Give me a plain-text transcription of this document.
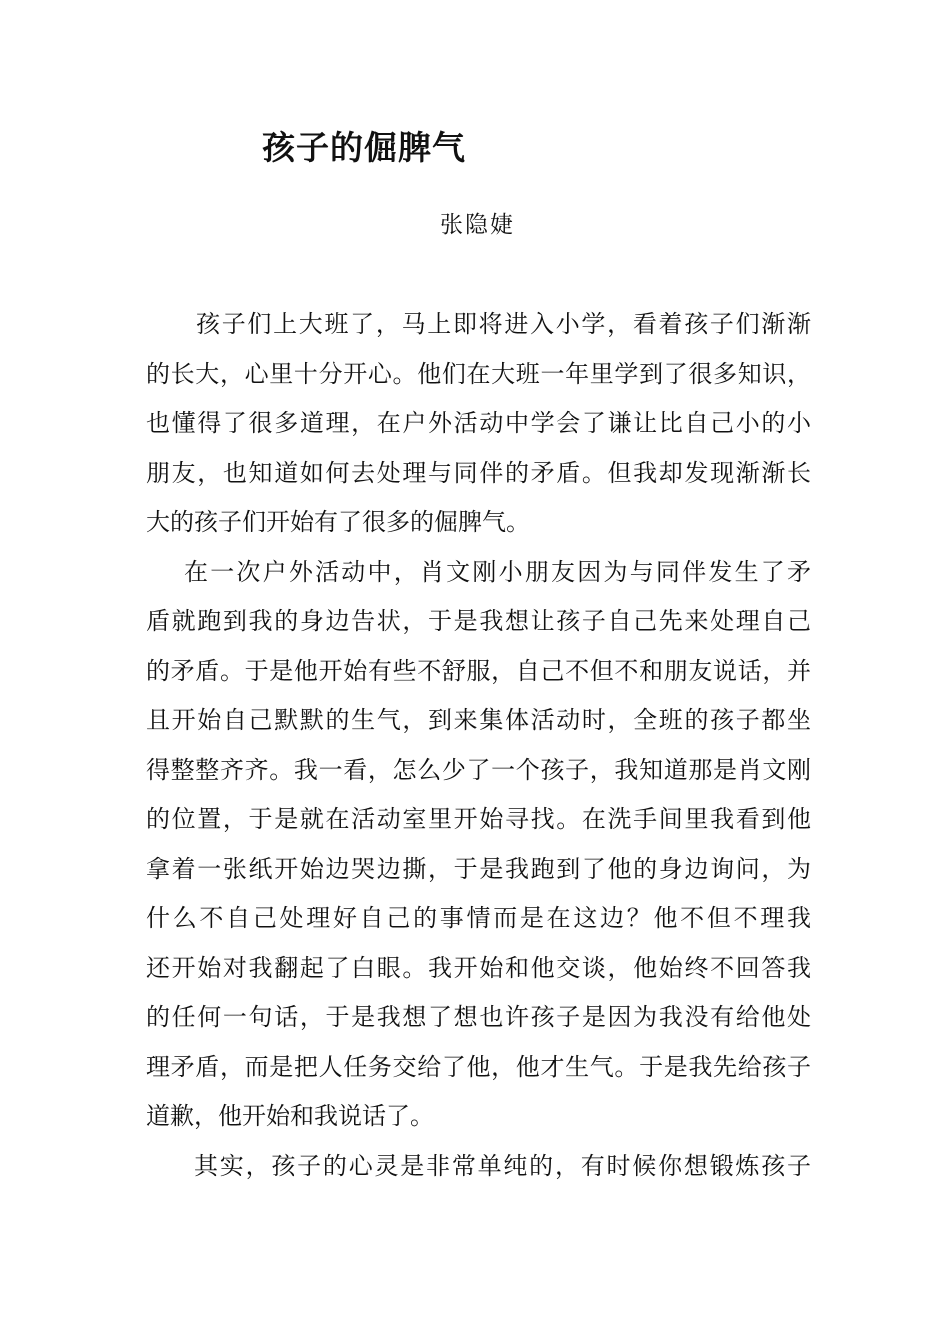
孩子的倔脾气
张隐婕
孩子们上大班了，马上即将进入小学，看着孩子们渐渐
的长大，心里十分开心。他们在大班一年里学到了很多知识，
也懂得了很多道理，在户外活动中学会了谦让比自己小的小
朋友，也知道如何去处理与同伴的矛盾。但我却发现渐渐长
大的孩子们开始有了很多的倔脾气。
在一次户外活动中，肖文刚小朋友因为与同伴发生了矛
盾就跑到我的身边告状，于是我想让孩子自己先来处理自己
的矛盾。于是他开始有些不舒服，自己不但不和朋友说话，并
且开始自己默默的生气，到来集体活动时，全班的孩子都坐
得整整齐齐。我一看，怎么少了一个孩子，我知道那是肖文刚
的位置，于是就在活动室里开始寻找。在洗手间里我看到他
拿着一张纸开始边哭边撕，于是我跑到了他的身边询问，为
什么不自己处理好自己的事情而是在这边？他不但不理我
还开始对我翻起了白眼。我开始和他交谈，他始终不回答我
的任何一句话，于是我想了想也许孩子是因为我没有给他处
理矛盾，而是把人任务交给了他，他才生气。于是我先给孩子
道歉，他开始和我说话了。
其实，孩子的心灵是非常单纯的，有时候你想锻炼孩子
